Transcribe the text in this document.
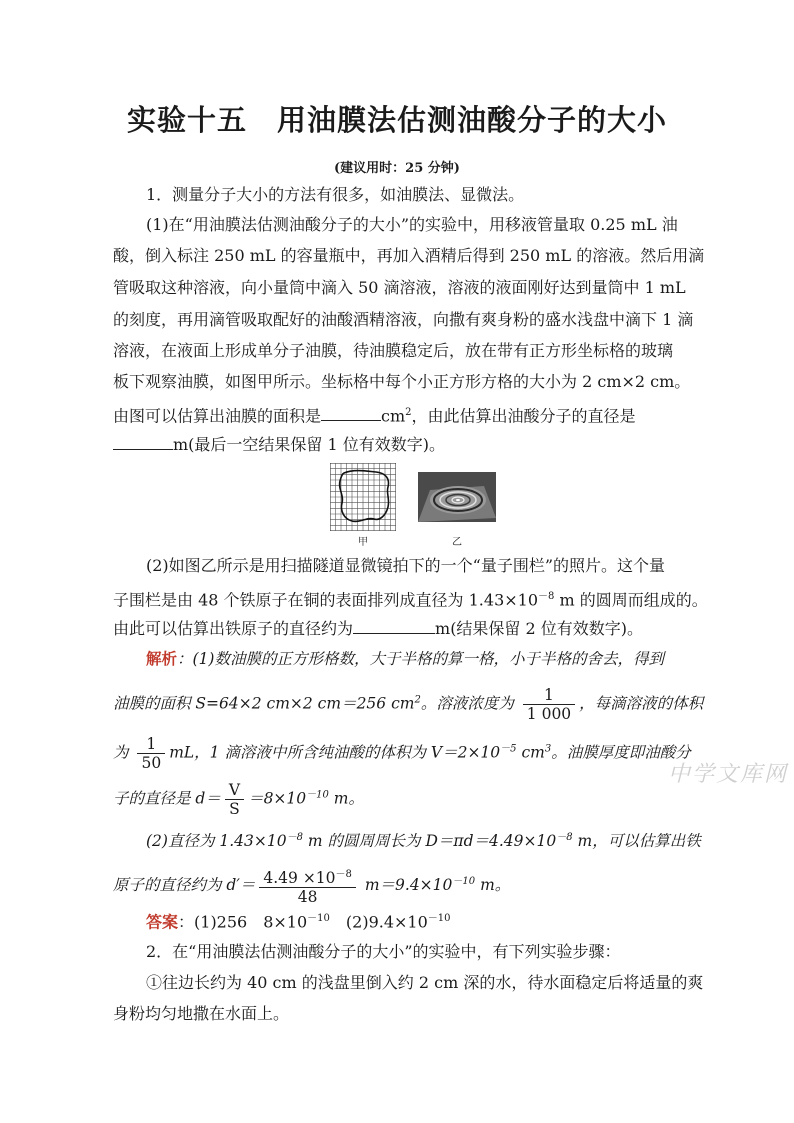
实验十五　用油膜法估测油酸分子的大小
(建议用时：25 分钟)
1．测量分子大小的方法有很多，如油膜法、显微法。
(1)在“用油膜法估测油酸分子的大小”的实验中，用移液管量取 0.25 mL 油
酸，倒入标注 250 mL 的容量瓶中，再加入酒精后得到 250 mL 的溶液。然后用滴
管吸取这种溶液，向小量筒中滴入 50 滴溶液，溶液的液面刚好达到量筒中 1 mL
的刻度，再用滴管吸取配好的油酸酒精溶液，向撒有爽身粉的盛水浅盘中滴下 1 滴
溶液，在液面上形成单分子油膜，待油膜稳定后，放在带有正方形坐标格的玻璃
板下观察油膜，如图甲所示。坐标格中每个小正方形方格的大小为 2 cm×2 cm。
由图可以估算出油膜的面积是	$cm^2$，由此估算出油酸分子的直径是
m(最后一空结果保留 1 位有效数字)。
甲	乙
(2)如图乙所示是用扫描隧道显微镜拍下的一个“量子围栏”的照片。这个量
子围栏是由 48 个铁原子在铜的表面排列成直径为 $1.43\times 10^{-8}$ m 的圆周而组成的。
由此可以估算出铁原子的直径约为	m(结果保留 2 位有效数字)。
解析：(1)数油膜的正方形格数，大于半格的算一格，小于半格的舍去，得到
油膜的面积 S=64×2 cm×2 cm＝256 $cm^2$。溶液浓度为 $\frac{1}{1 000}$ ，每滴溶液的体积
为 $\frac{1}{50}$ mL，1 滴溶液中所含纯油酸的体积为 $V=2\times 10^{-5}$ $cm^3$。油膜厚度即油酸分
子的直径是 $d= \frac{V}{S} =8\times 10^{-10}$ m。
(2)直径为 $1.43\times 10^{-8}$ m 的圆周周长为 $D=\pi d=4.49\times 10^{-8}$ m，可以估算出铁
原子的直径约为 $d'= \frac{4.49 \times 10^{-8}}{48} m=9.4\times 10^{-10}$ m。
答案：(1)256　$8\times 10^{-10}$　$(2)9.4\times 10^{-10}$
2．在“用油膜法估测油酸分子的大小”的实验中，有下列实验步骤：
①往边长约为 40 cm 的浅盘里倒入约 2 cm 深的水，待水面稳定后将适量的爽
身粉均匀地撒在水面上。
中学文库网
